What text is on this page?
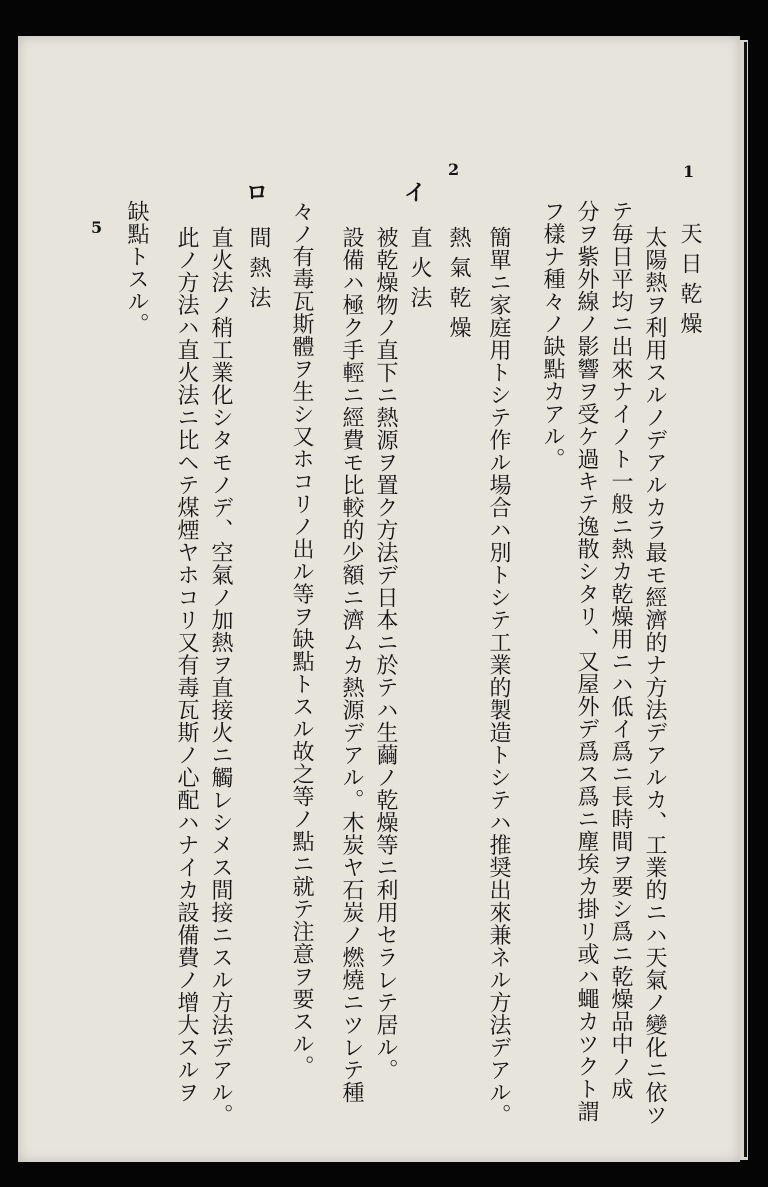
1
天日乾燥
太陽熱ヲ利用スルノデアルカラ最モ經濟的ナ方法デアルカ、工業的ニハ天氣ノ變化ニ依ツ
テ毎日平均ニ出來ナイノト一般ニ熱カ乾燥用ニハ低イ爲ニ長時間ヲ要シ爲ニ乾燥品中ノ成
分ヲ紫外線ノ影響ヲ受ケ過キテ逸散シタリ、又屋外デ爲ス爲ニ塵埃カ掛リ或ハ蠅カツクト謂
フ樣ナ種々ノ缺點カアル。
簡單ニ家庭用トシテ作ル場合ハ別トシテ工業的製造トシテハ推奨出來兼ネル方法デアル。
2
熱氣乾燥
イ
直火法
被乾燥物ノ直下ニ熱源ヲ置ク方法デ日本ニ於テハ生繭ノ乾燥等ニ利用セラレテ居ル。
設備ハ極ク手輕ニ經費モ比較的少額ニ濟ムカ熱源デアル。木炭ヤ石炭ノ燃燒ニツレテ種
々ノ有毒瓦斯體ヲ生シ又ホコリノ出ル等ヲ缺點トスル故之等ノ點ニ就テ注意ヲ要スル。
ロ
間熱法
直火法ノ稍工業化シタモノデ、空氣ノ加熱ヲ直接火ニ觸レシメス間接ニスル方法デアル。
此ノ方法ハ直火法ニ比ヘテ煤煙ヤホコリ又有毒瓦斯ノ心配ハナイカ設備費ノ增大スルヲ
缺點トスル。
5
